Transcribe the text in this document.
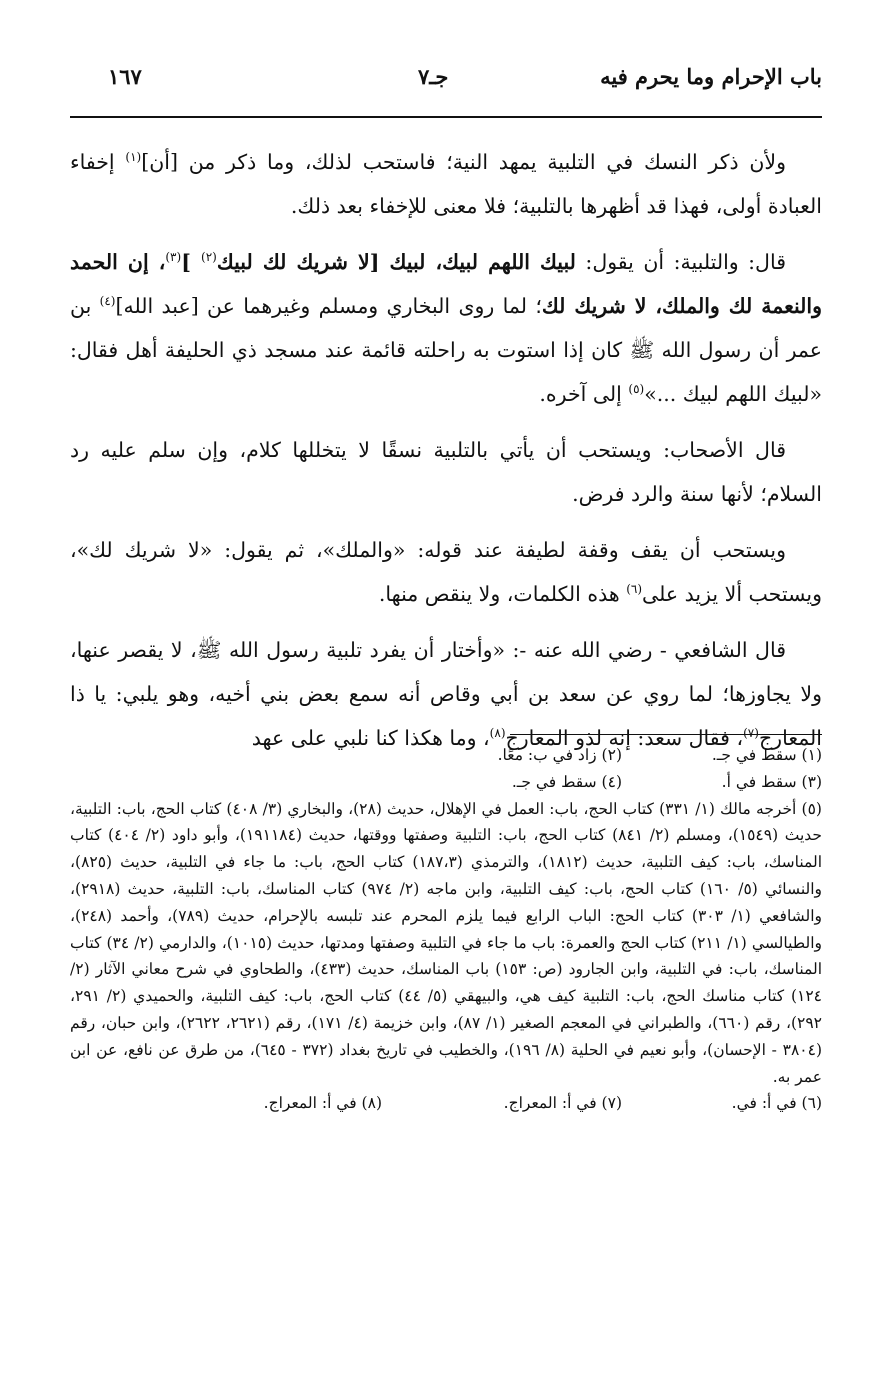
باب الإحرام وما يحرم فيه
جـ٧
١٦٧

ولأن ذكر النسك في التلبية يمهد النية؛ فاستحب لذلك، وما ذكر من [أن]$^{(١)}$ إخفاء العبادة أولى، فهذا قد أظهرها بالتلبية؛ فلا معنى للإخفاء بعد ذلك.

قال: والتلبية: أن يقول: لبيك اللهم لبيك، لبيك [لا شريك لك لبيك$^{(٢)}$ ]$^{(٣)}$، إن الحمد والنعمة لك والملك، لا شريك لك؛ لما روى البخاري ومسلم وغيرهما عن [عبد الله]$^{(٤)}$ بن عمر أن رسول الله ﷺ كان إذا استوت به راحلته قائمة عند مسجد ذي الحليفة أهل فقال: «لبيك اللهم لبيك ...»$^{(٥)}$ إلى آخره.

قال الأصحاب: ويستحب أن يأتي بالتلبية نسقًا لا يتخللها كلام، وإن سلم عليه رد السلام؛ لأنها سنة والرد فرض.

ويستحب أن يقف وقفة لطيفة عند قوله: «والملك»، ثم يقول: «لا شريك لك»، ويستحب ألا يزيد على$^{(٦)}$ هذه الكلمات، ولا ينقص منها.

قال الشافعي - رضي الله عنه -: «وأختار أن يفرد تلبية رسول الله ﷺ، لا يقصر عنها، ولا يجاوزها؛ لما روي عن سعد بن أبي وقاص أنه سمع بعض بني أخيه، وهو يلبي: يا ذا المعارج$^{(٧)}$، فقال سعد: إنه لذو المعارج$^{(٨)}$، وما هكذا كنا نلبي على عهد

(١) سقط في جـ.
(٢) زاد في ب: معًا.
(٣) سقط في أ.
(٤) سقط في جـ.
(٥) أخرجه مالك (١/ ٣٣١) كتاب الحج، باب: العمل في الإهلال، حديث (٢٨)، والبخاري (٣/ ٤٠٨) كتاب الحج، باب: التلبية، حديث (١٥٤٩)، ومسلم (٢/ ٨٤١) كتاب الحج، باب: التلبية وصفتها ووقتها، حديث (١٩١١٨٤)، وأبو داود (٢/ ٤٠٤) كتاب المناسك، باب: كيف التلبية، حديث (١٨١٢)، والترمذي (١٨٧،٣) كتاب الحج، باب: ما جاء في التلبية، حديث (٨٢٥)، والنسائي (٥/ ١٦٠) كتاب الحج، باب: كيف التلبية، وابن ماجه (٢/ ٩٧٤) كتاب المناسك، باب: التلبية، حديث (٢٩١٨)، والشافعي (١/ ٣٠٣) كتاب الحج: الباب الرابع فيما يلزم المحرم عند تلبسه بالإحرام، حديث (٧٨٩)، وأحمد (٢٤٨)، والطيالسي (١/ ٢١١) كتاب الحج والعمرة: باب ما جاء في التلبية وصفتها ومدتها، حديث (١٠١٥)، والدارمي (٢/ ٣٤) كتاب المناسك، باب: في التلبية، وابن الجارود (ص: ١٥٣) باب المناسك، حديث (٤٣٣)، والطحاوي في شرح معاني الآثار (٢/ ١٢٤) كتاب مناسك الحج، باب: التلبية كيف هي، والبيهقي (٥/ ٤٤) كتاب الحج، باب: كيف التلبية، والحميدي (٢/ ٢٩١، ٢٩٢)، رقم (٦٦٠)، والطبراني في المعجم الصغير (١/ ٨٧)، وابن خزيمة (٤/ ١٧١)، رقم (٢٦٢١، ٢٦٢٢)، وابن حبان، رقم (٣٨٠٤ - الإحسان)، وأبو نعيم في الحلية (٨/ ١٩٦)، والخطيب في تاريخ بغداد (٣٧٢ - ٦٤٥)، من طرق عن نافع، عن ابن عمر به.
(٦) في أ: في.
(٧) في أ: المعراج.
(٨) في أ: المعراج.
